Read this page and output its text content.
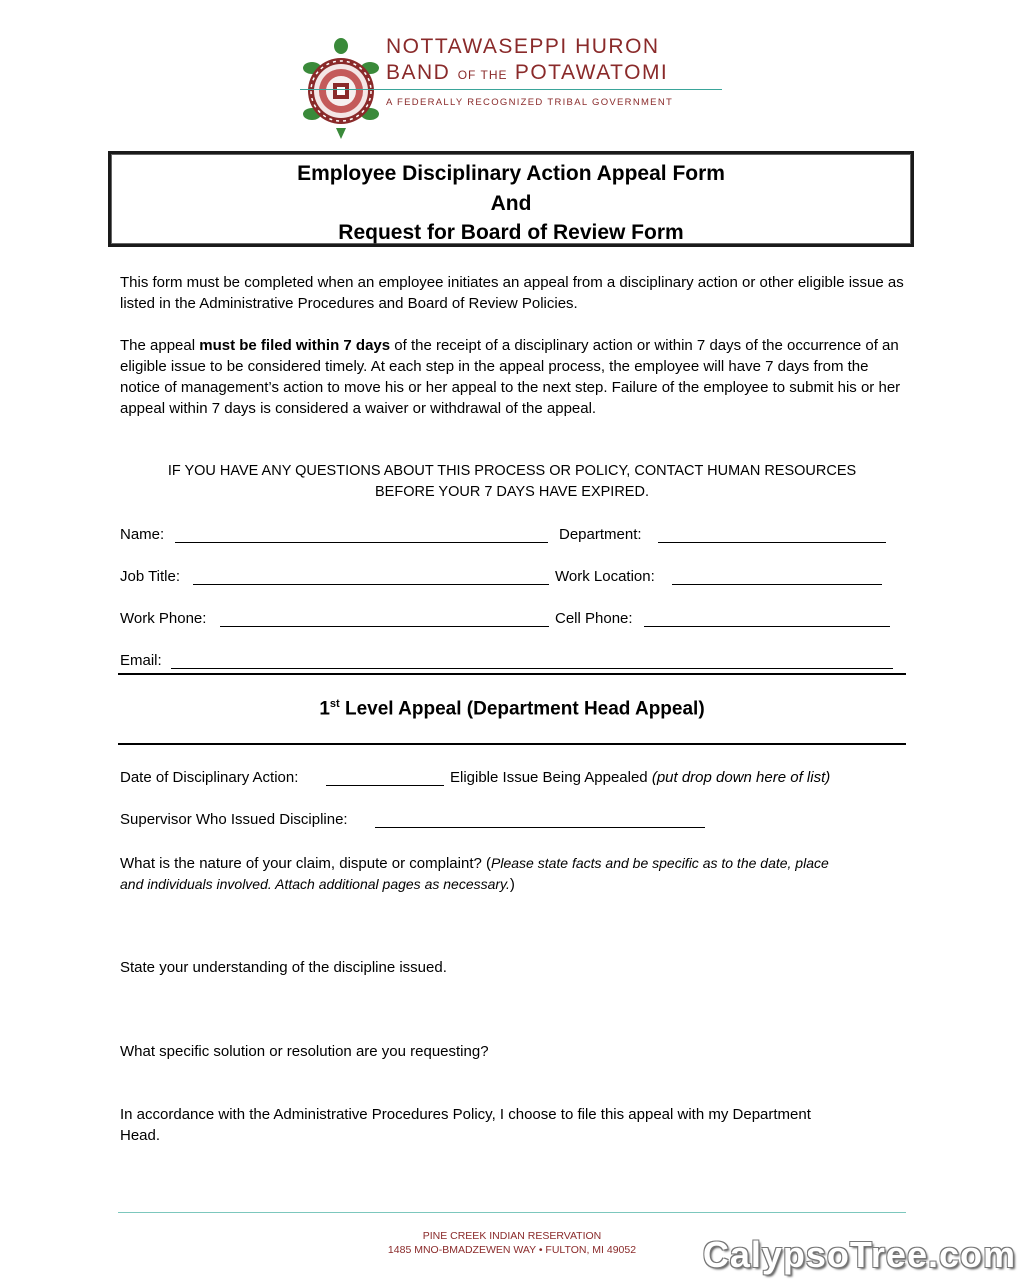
NOTTAWASEPPI HURON
BAND OF THE POTAWATOMI
A FEDERALLY RECOGNIZED TRIBAL GOVERNMENT
Employee Disciplinary Action Appeal Form
And
Request for Board of Review Form
This form must be completed when an employee initiates an appeal from a disciplinary action or other eligible issue as listed in the Administrative Procedures and Board of Review Policies.
The appeal must be filed within 7 days of the receipt of a disciplinary action or within 7 days of the occurrence of an eligible issue to be considered timely. At each step in the appeal process, the employee will have 7 days from the notice of management’s action to move his or her appeal to the next step. Failure of the employee to submit his or her appeal within 7 days is considered a waiver or withdrawal of the appeal.
IF YOU HAVE ANY QUESTIONS ABOUT THIS PROCESS OR POLICY, CONTACT HUMAN RESOURCES
BEFORE YOUR 7 DAYS HAVE EXPIRED.
Name:	Department:
Job Title:	Work Location:
Work Phone:	Cell Phone:
Email:
1st Level Appeal (Department Head Appeal)
Date of Disciplinary Action:	Eligible Issue Being Appealed (put drop down here of list)
Supervisor Who Issued Discipline:
What is the nature of your claim, dispute or complaint? (Please state facts and be specific as to the date, place
and individuals involved. Attach additional pages as necessary.)
State your understanding of the discipline issued.
What specific solution or resolution are you requesting?
In accordance with the Administrative Procedures Policy, I choose to file this appeal with my Department
Head.
PINE CREEK INDIAN RESERVATION
1485 MNO-BMADZEWEN WAY • FULTON, MI 49052	CalypsoTree.com
